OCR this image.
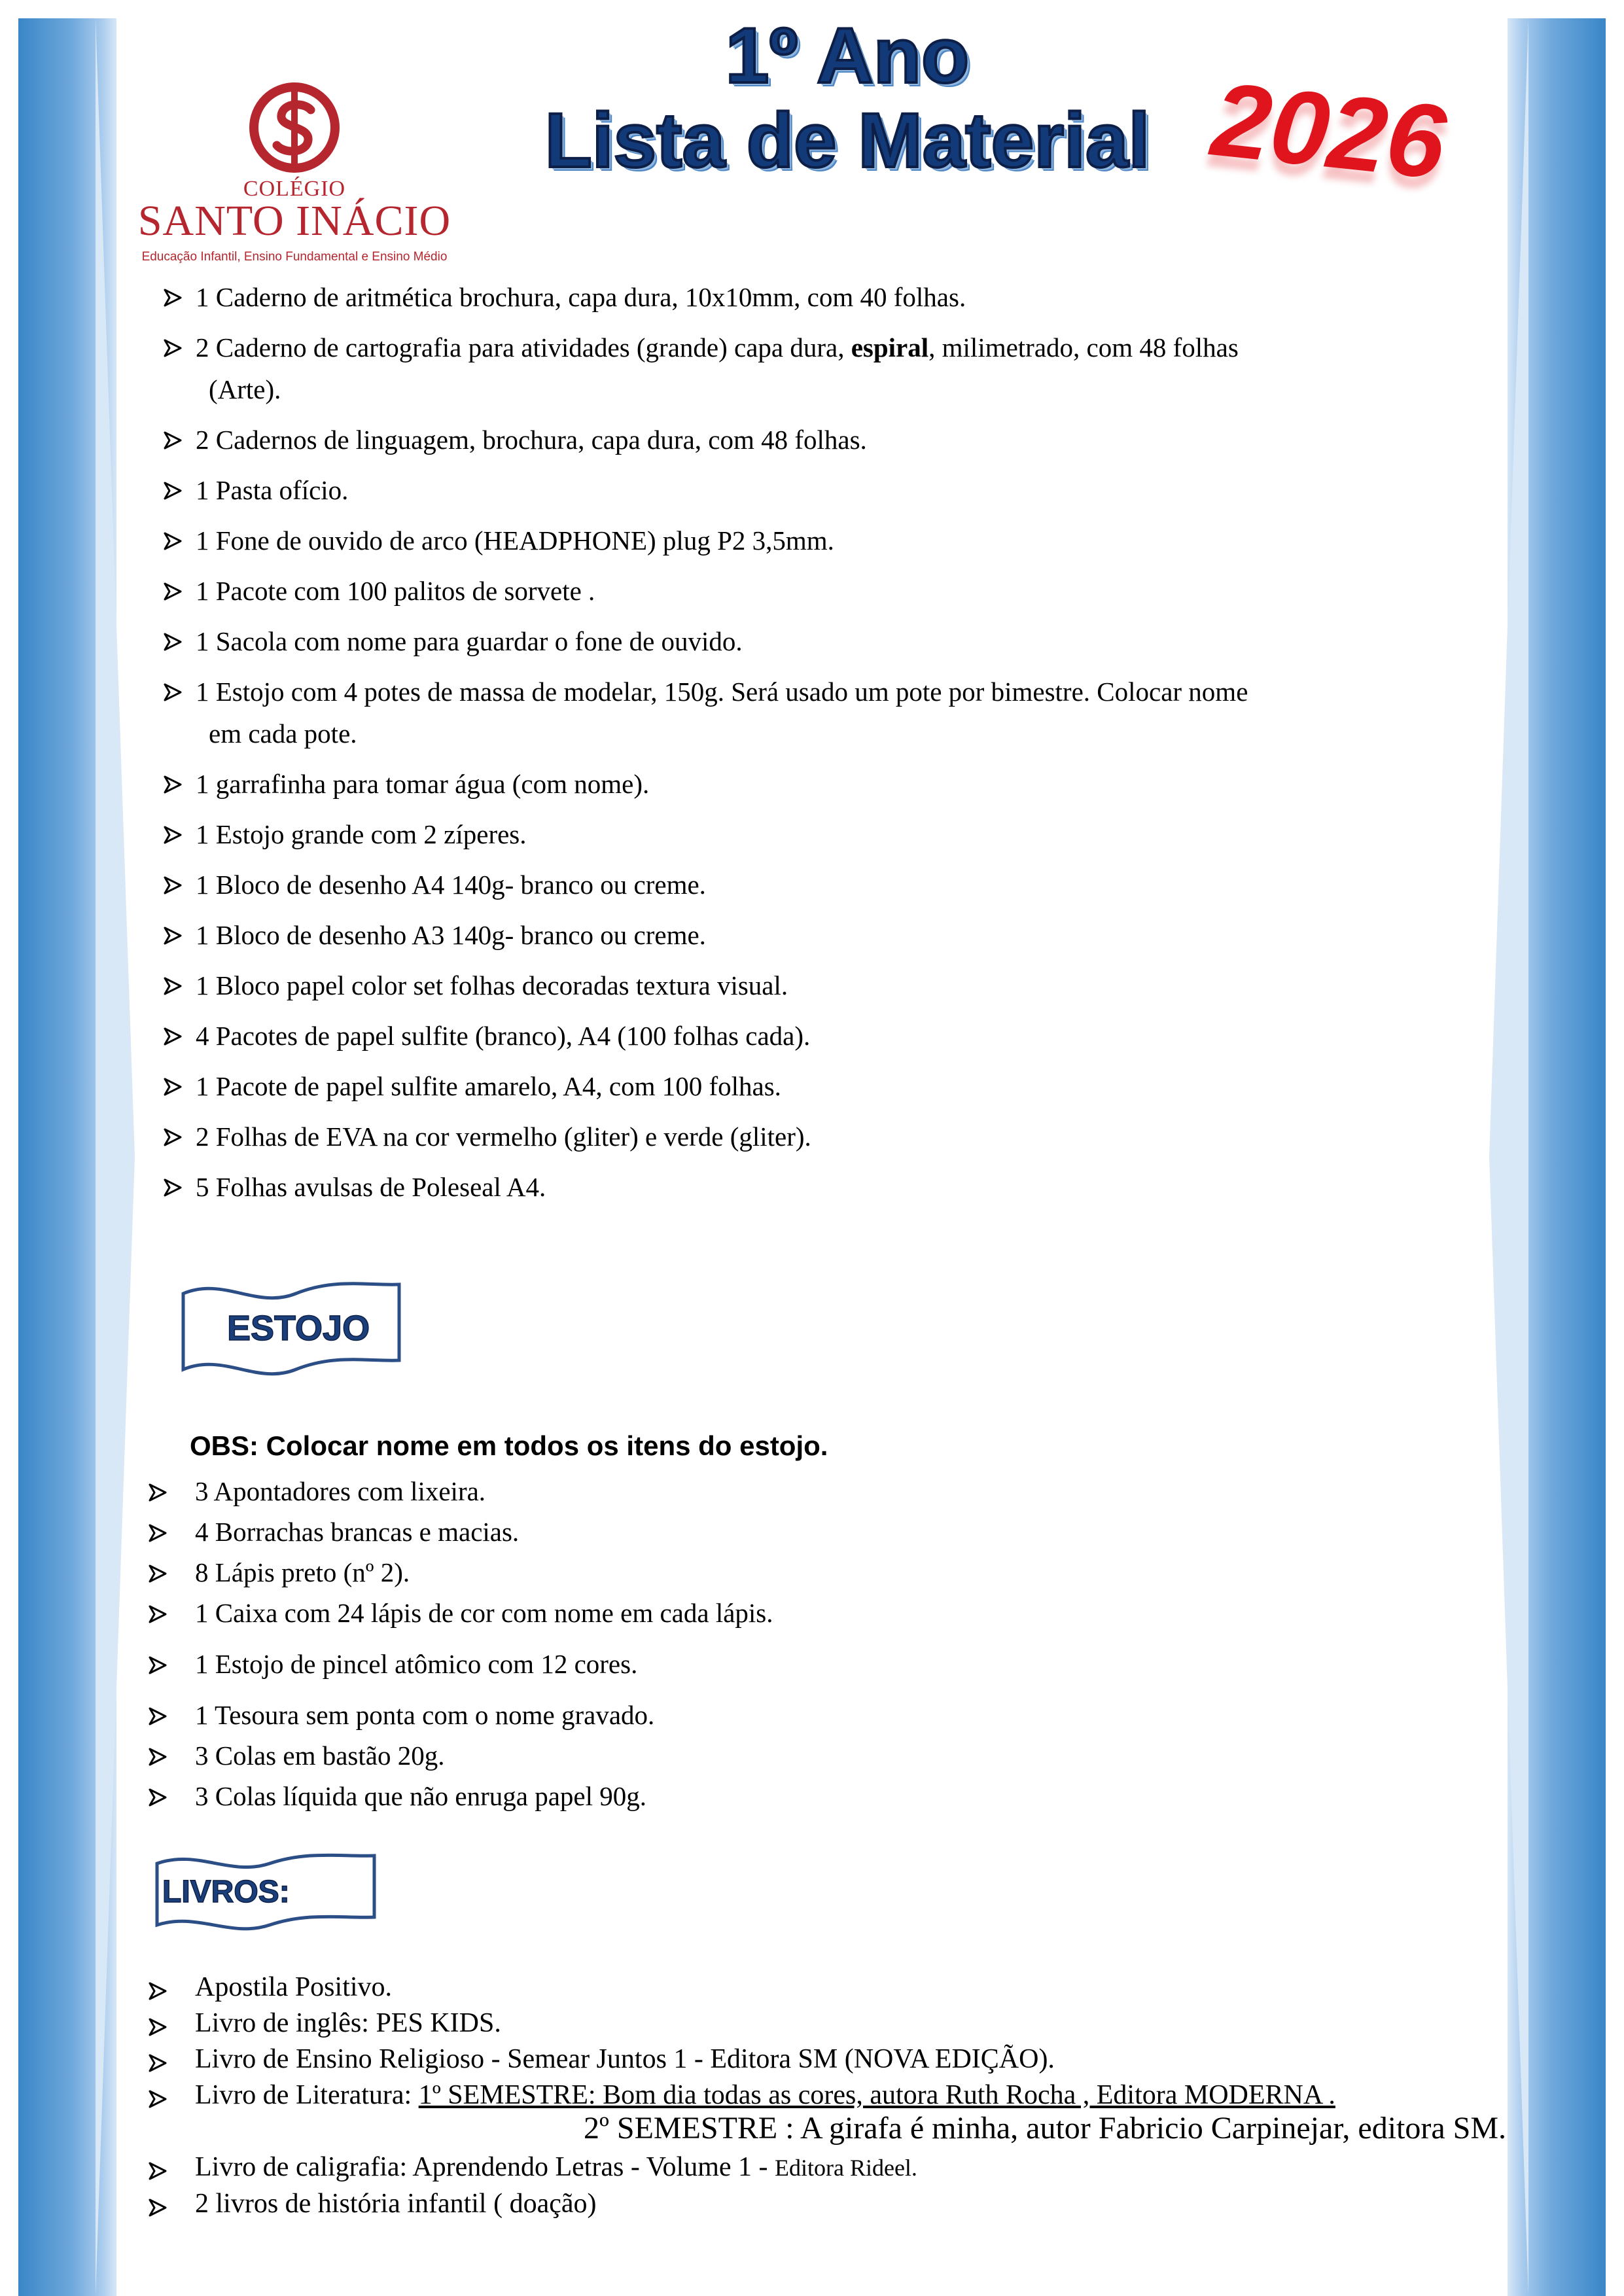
COLÉGIO
SANTO INÁCIO
Educação Infantil, Ensino Fundamental e Ensino Médio
1º Ano
Lista de Material 2026
1 Caderno de aritmética brochura, capa dura, 10x10mm, com 40 folhas.
2 Caderno de cartografia para atividades (grande) capa dura, espiral, milimetrado, com 48 folhas
(Arte).
2 Cadernos de linguagem, brochura, capa dura, com 48 folhas.
1 Pasta ofício.
1 Fone de ouvido de arco (HEADPHONE) plug P2 3,5mm.
1 Pacote com 100 palitos de sorvete .
1 Sacola com nome para guardar o fone de ouvido.
1 Estojo com 4 potes de massa de modelar, 150g. Será usado um pote por bimestre. Colocar nome
em cada pote.
1 garrafinha para tomar água (com nome).
1 Estojo grande com 2 zíperes.
1 Bloco de desenho A4 140g- branco ou creme.
1 Bloco de desenho A3 140g- branco ou creme.
1 Bloco papel color set folhas decoradas textura visual.
4 Pacotes de papel sulfite (branco), A4 (100 folhas cada).
1 Pacote de papel sulfite amarelo, A4, com 100 folhas.
2 Folhas de EVA na cor vermelho (gliter) e verde (gliter).
5 Folhas avulsas de Poleseal A4.
ESTOJO
OBS: Colocar nome em todos os itens do estojo.
3 Apontadores com lixeira.
4 Borrachas brancas e macias.
8 Lápis preto (nº 2).
1 Caixa com 24 lápis de cor com nome em cada lápis.
1 Estojo de pincel atômico com 12 cores.
1 Tesoura sem ponta com o nome gravado.
3 Colas em bastão 20g.
3 Colas líquida que não enruga papel 90g.
LIVROS:
Apostila Positivo.
Livro de inglês: PES KIDS.
Livro de Ensino Religioso - Semear Juntos 1 - Editora SM (NOVA EDIÇÃO).
Livro de Literatura: 1º SEMESTRE: Bom dia todas as cores, autora Ruth Rocha , Editora MODERNA .
Livro de caligrafia: Aprendendo Letras - Volume 1 - Editora Rideel.
2 livros de história infantil ( doação)
2º SEMESTRE : A girafa é minha, autor Fabricio Carpinejar, editora SM.
